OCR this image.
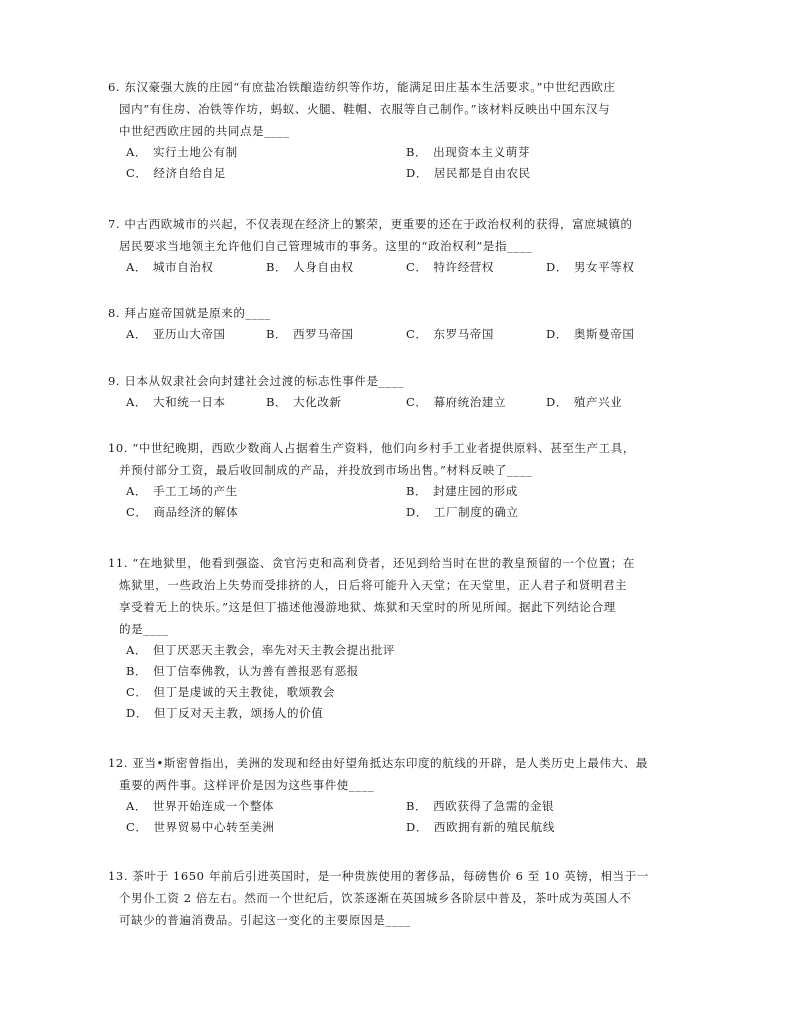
6. 东汉豪强大族的庄园“有庶盐冶铁酿造纺织等作坊，能满足田庄基本生活要求。”中世纪西欧庄
园内“有住房、冶铁等作坊，蚂蚁、火腿、鞋帽、衣服等自己制作。”该材料反映出中国东汉与
中世纪西欧庄园的共同点是____
A． 实行土地公有制	B． 出现资本主义萌芽
C． 经济自给自足	D． 居民都是自由农民
7. 中古西欧城市的兴起，不仅表现在经济上的繁荣，更重要的还在于政治权利的获得，富庶城镇的
居民要求当地领主允许他们自己管理城市的事务。这里的“政治权利”是指____
A． 城市自治权	B． 人身自由权	C． 特许经营权	D． 男女平等权
8. 拜占庭帝国就是原来的____
A． 亚历山大帝国	B． 西罗马帝国	C． 东罗马帝国	D． 奥斯曼帝国
9. 日本从奴隶社会向封建社会过渡的标志性事件是____
A． 大和统一日本	B． 大化改新	C． 幕府统治建立	D． 殖产兴业
10. “中世纪晚期，西欧少数商人占据着生产资料，他们向乡村手工业者提供原料、甚至生产工具，
并预付部分工资，最后收回制成的产品，并投放到市场出售。”材料反映了____
A． 手工工场的产生	B． 封建庄园的形成
C． 商品经济的解体	D． 工厂制度的确立
11. “在地狱里，他看到强盗、贪官污吏和高利贷者，还见到给当时在世的教皇预留的一个位置；在
炼狱里，一些政治上失势而受排挤的人，日后将可能升入天堂；在天堂里，正人君子和贤明君主
享受着无上的快乐。”这是但丁描述他漫游地狱、炼狱和天堂时的所见所闻。据此下列结论合理
的是____
A． 但丁厌恶天主教会，率先对天主教会提出批评
B． 但丁信奉佛教，认为善有善报恶有恶报
C． 但丁是虔诚的天主教徒，歌颂教会
D． 但丁反对天主教，颂扬人的价值
12. 亚当•斯密曾指出，美洲的发现和经由好望角抵达东印度的航线的开辟，是人类历史上最伟大、最
重要的两件事。这样评价是因为这些事件使____
A． 世界开始连成一个整体	B． 西欧获得了急需的金银
C． 世界贸易中心转至美洲	D． 西欧拥有新的殖民航线
13. 茶叶于 1650 年前后引进英国时，是一种贵族使用的奢侈品，每磅售价 6 至 10 英镑，相当于一
个男仆工资 2 倍左右。然而一个世纪后，饮茶逐渐在英国城乡各阶层中普及，茶叶成为英国人不
可缺少的普遍消费品。引起这一变化的主要原因是____
